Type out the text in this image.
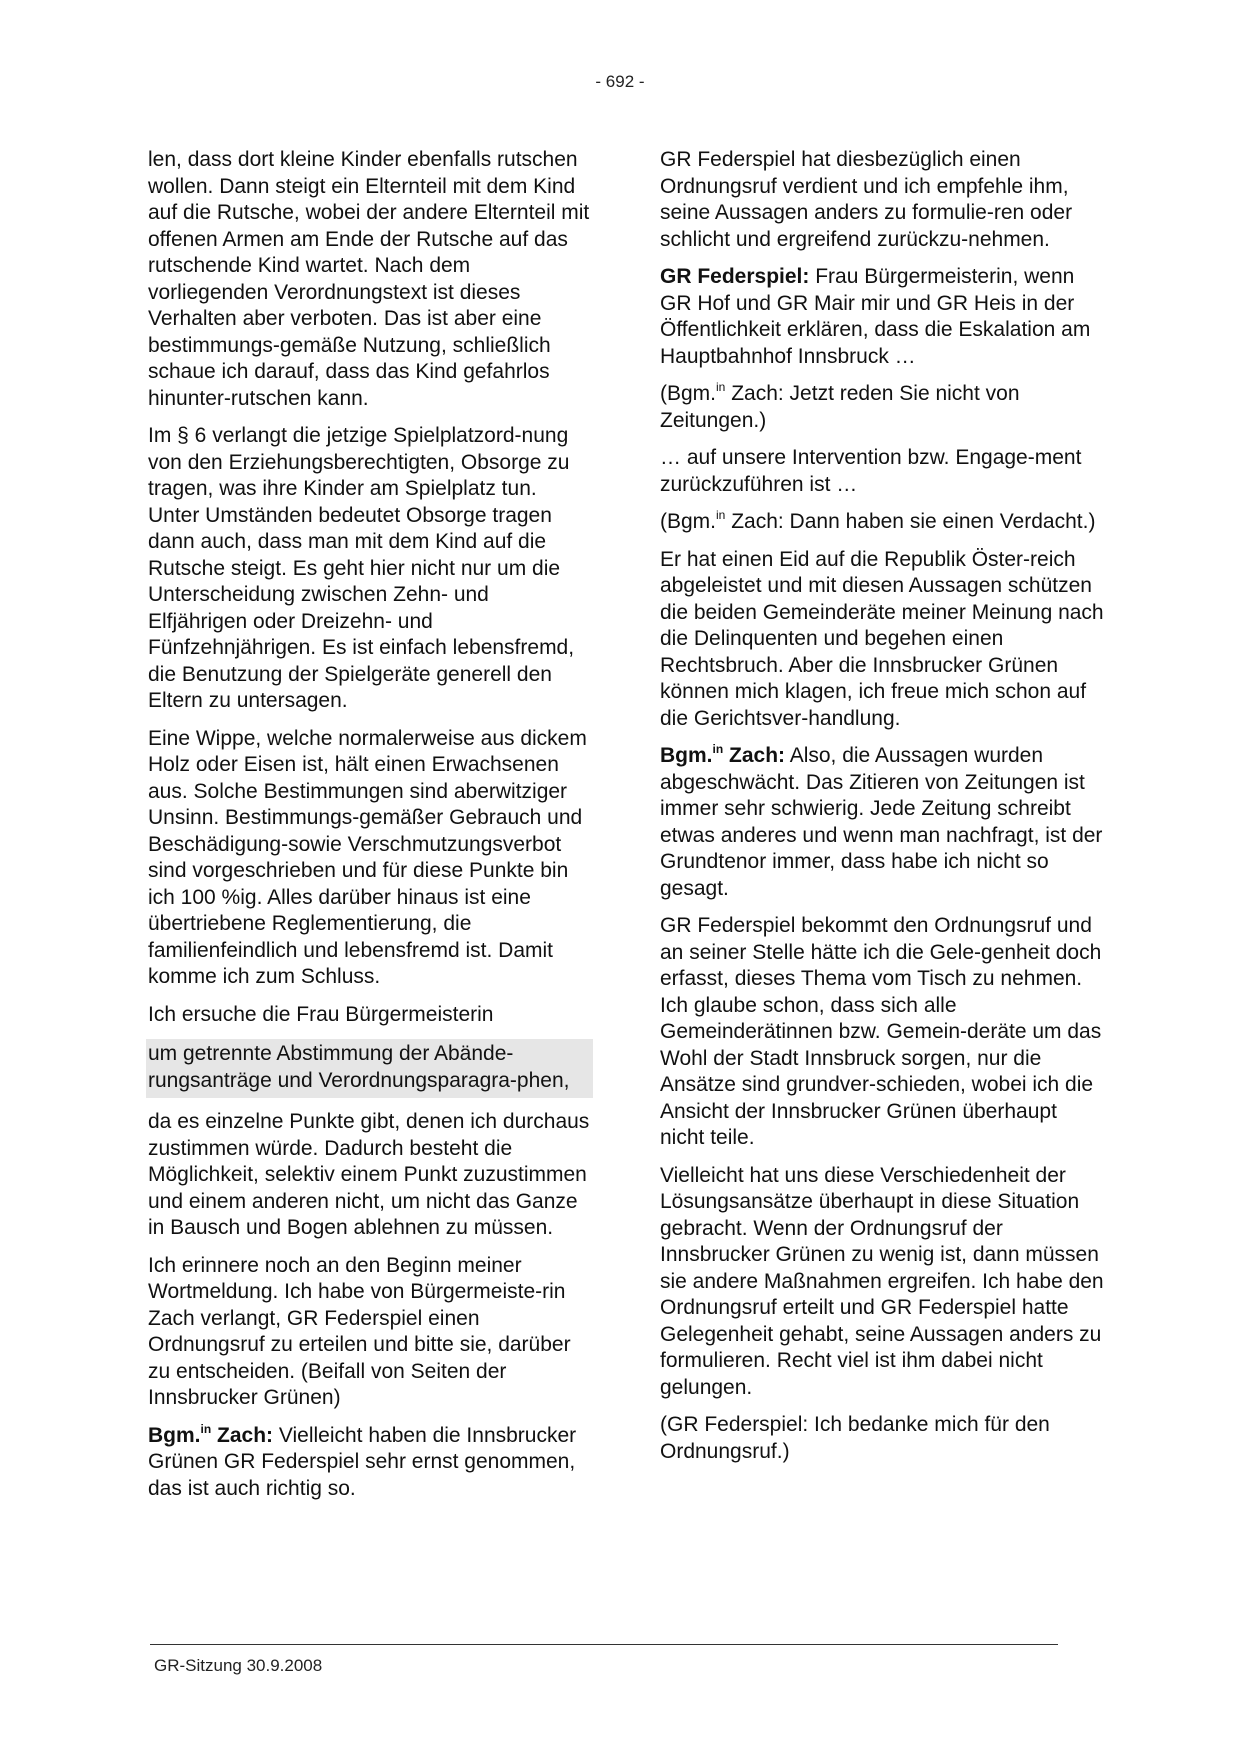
- 692 -

len, dass dort kleine Kinder ebenfalls rutschen wollen. Dann steigt ein Elternteil mit dem Kind auf die Rutsche, wobei der andere Elternteil mit offenen Armen am Ende der Rutsche auf das rutschende Kind wartet. Nach dem vorliegenden Verordnungstext ist dieses Verhalten aber verboten. Das ist aber eine bestimmungs-gemäße Nutzung, schließlich schaue ich darauf, dass das Kind gefahrlos hinunter-rutschen kann.

Im § 6 verlangt die jetzige Spielplatzord-nung von den Erziehungsberechtigten, Obsorge zu tragen, was ihre Kinder am Spielplatz tun. Unter Umständen bedeutet Obsorge tragen dann auch, dass man mit dem Kind auf die Rutsche steigt. Es geht hier nicht nur um die Unterscheidung zwischen Zehn- und Elfjährigen oder Dreizehn- und Fünfzehnjährigen. Es ist einfach lebensfremd, die Benutzung der Spielgeräte generell den Eltern zu untersagen.

Eine Wippe, welche normalerweise aus dickem Holz oder Eisen ist, hält einen Erwachsenen aus. Solche Bestimmungen sind aberwitziger Unsinn. Bestimmungs-gemäßer Gebrauch und Beschädigung-sowie Verschmutzungsverbot sind vorgeschrieben und für diese Punkte bin ich 100 %ig. Alles darüber hinaus ist eine übertriebene Reglementierung, die familienfeindlich und lebensfremd ist. Damit komme ich zum Schluss.

Ich ersuche die Frau Bürgermeisterin

um getrennte Abstimmung der Abände-rungsanträge und Verordnungsparagra-phen,

da es einzelne Punkte gibt, denen ich durchaus zustimmen würde. Dadurch besteht die Möglichkeit, selektiv einem Punkt zuzustimmen und einem anderen nicht, um nicht das Ganze in Bausch und Bogen ablehnen zu müssen.

Ich erinnere noch an den Beginn meiner Wortmeldung. Ich habe von Bürgermeiste-rin Zach verlangt, GR Federspiel einen Ordnungsruf zu erteilen und bitte sie, darüber zu entscheiden. (Beifall von Seiten der Innsbrucker Grünen)

Bgm.$^{in}$ Zach: Vielleicht haben die Innsbrucker Grünen GR Federspiel sehr ernst genommen, das ist auch richtig so.

GR Federspiel hat diesbezüglich einen Ordnungsruf verdient und ich empfehle ihm, seine Aussagen anders zu formulie-ren oder schlicht und ergreifend zurückzu-nehmen.

GR Federspiel: Frau Bürgermeisterin, wenn GR Hof und GR Mair mir und GR Heis in der Öffentlichkeit erklären, dass die Eskalation am Hauptbahnhof Innsbruck …

(Bgm.$^{in}$ Zach: Jetzt reden Sie nicht von Zeitungen.)

… auf unsere Intervention bzw. Engage-ment zurückzuführen ist …

(Bgm.$^{in}$ Zach: Dann haben sie einen Verdacht.)

Er hat einen Eid auf die Republik Öster-reich abgeleistet und mit diesen Aussagen schützen die beiden Gemeinderäte meiner Meinung nach die Delinquenten und begehen einen Rechtsbruch. Aber die Innsbrucker Grünen können mich klagen, ich freue mich schon auf die Gerichtsver-handlung.

Bgm.$^{in}$ Zach: Also, die Aussagen wurden abgeschwächt. Das Zitieren von Zeitungen ist immer sehr schwierig. Jede Zeitung schreibt etwas anderes und wenn man nachfragt, ist der Grundtenor immer, dass habe ich nicht so gesagt.

GR Federspiel bekommt den Ordnungsruf und an seiner Stelle hätte ich die Gele-genheit doch erfasst, dieses Thema vom Tisch zu nehmen. Ich glaube schon, dass sich alle Gemeinderätinnen bzw. Gemein-deräte um das Wohl der Stadt Innsbruck sorgen, nur die Ansätze sind grundver-schieden, wobei ich die Ansicht der Innsbrucker Grünen überhaupt nicht teile.

Vielleicht hat uns diese Verschiedenheit der Lösungsansätze überhaupt in diese Situation gebracht. Wenn der Ordnungsruf der Innsbrucker Grünen zu wenig ist, dann müssen sie andere Maßnahmen ergreifen. Ich habe den Ordnungsruf erteilt und GR Federspiel hatte Gelegenheit gehabt, seine Aussagen anders zu formulieren. Recht viel ist ihm dabei nicht gelungen.

(GR Federspiel: Ich bedanke mich für den Ordnungsruf.)

GR-Sitzung 30.9.2008
